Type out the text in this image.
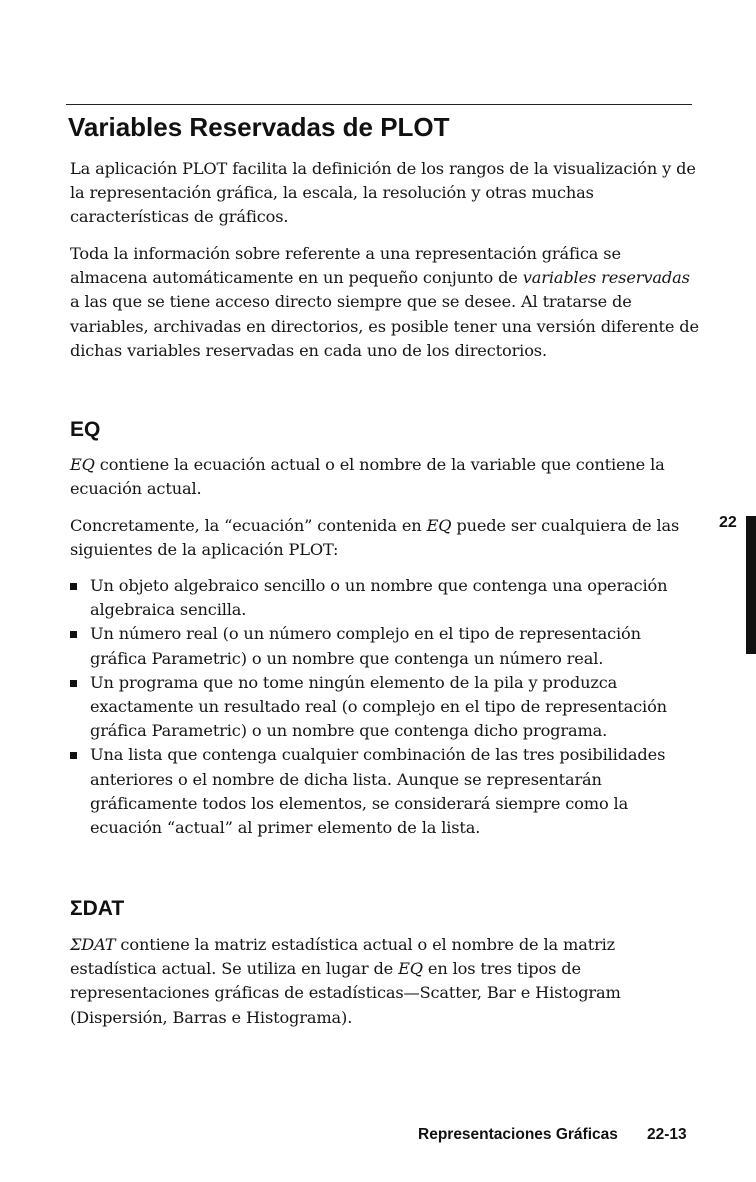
Variables Reservadas de PLOT

La aplicación PLOT facilita la definición de los rangos de la visualización y de la representación gráfica, la escala, la resolución y otras muchas características de gráficos.

Toda la información sobre referente a una representación gráfica se almacena automáticamente en un pequeño conjunto de variables reservadas a las que se tiene acceso directo siempre que se desee. Al tratarse de variables, archivadas en directorios, es posible tener una versión diferente de dichas variables reservadas en cada uno de los directorios.

EQ

EQ contiene la ecuación actual o el nombre de la variable que contiene la ecuación actual.

Concretamente, la “ecuación” contenida en EQ puede ser cualquiera de las siguientes de la aplicación PLOT:

Un objeto algebraico sencillo o un nombre que contenga una operación algebraica sencilla.
Un número real (o un número complejo en el tipo de representación gráfica Parametric) o un nombre que contenga un número real.
Un programa que no tome ningún elemento de la pila y produzca exactamente un resultado real (o complejo en el tipo de representación gráfica Parametric) o un nombre que contenga dicho programa.
Una lista que contenga cualquier combinación de las tres posibilidades anteriores o el nombre de dicha lista. Aunque se representarán gráficamente todos los elementos, se considerará siempre como la ecuación “actual” al primer elemento de la lista.
ΣDAT

ΣDAT contiene la matriz estadística actual o el nombre de la matriz estadística actual. Se utiliza en lugar de EQ en los tres tipos de representaciones gráficas de estadísticas—Scatter, Bar e Histogram (Dispersión, Barras e Histograma).

22
Representaciones Gráficas 22-13
